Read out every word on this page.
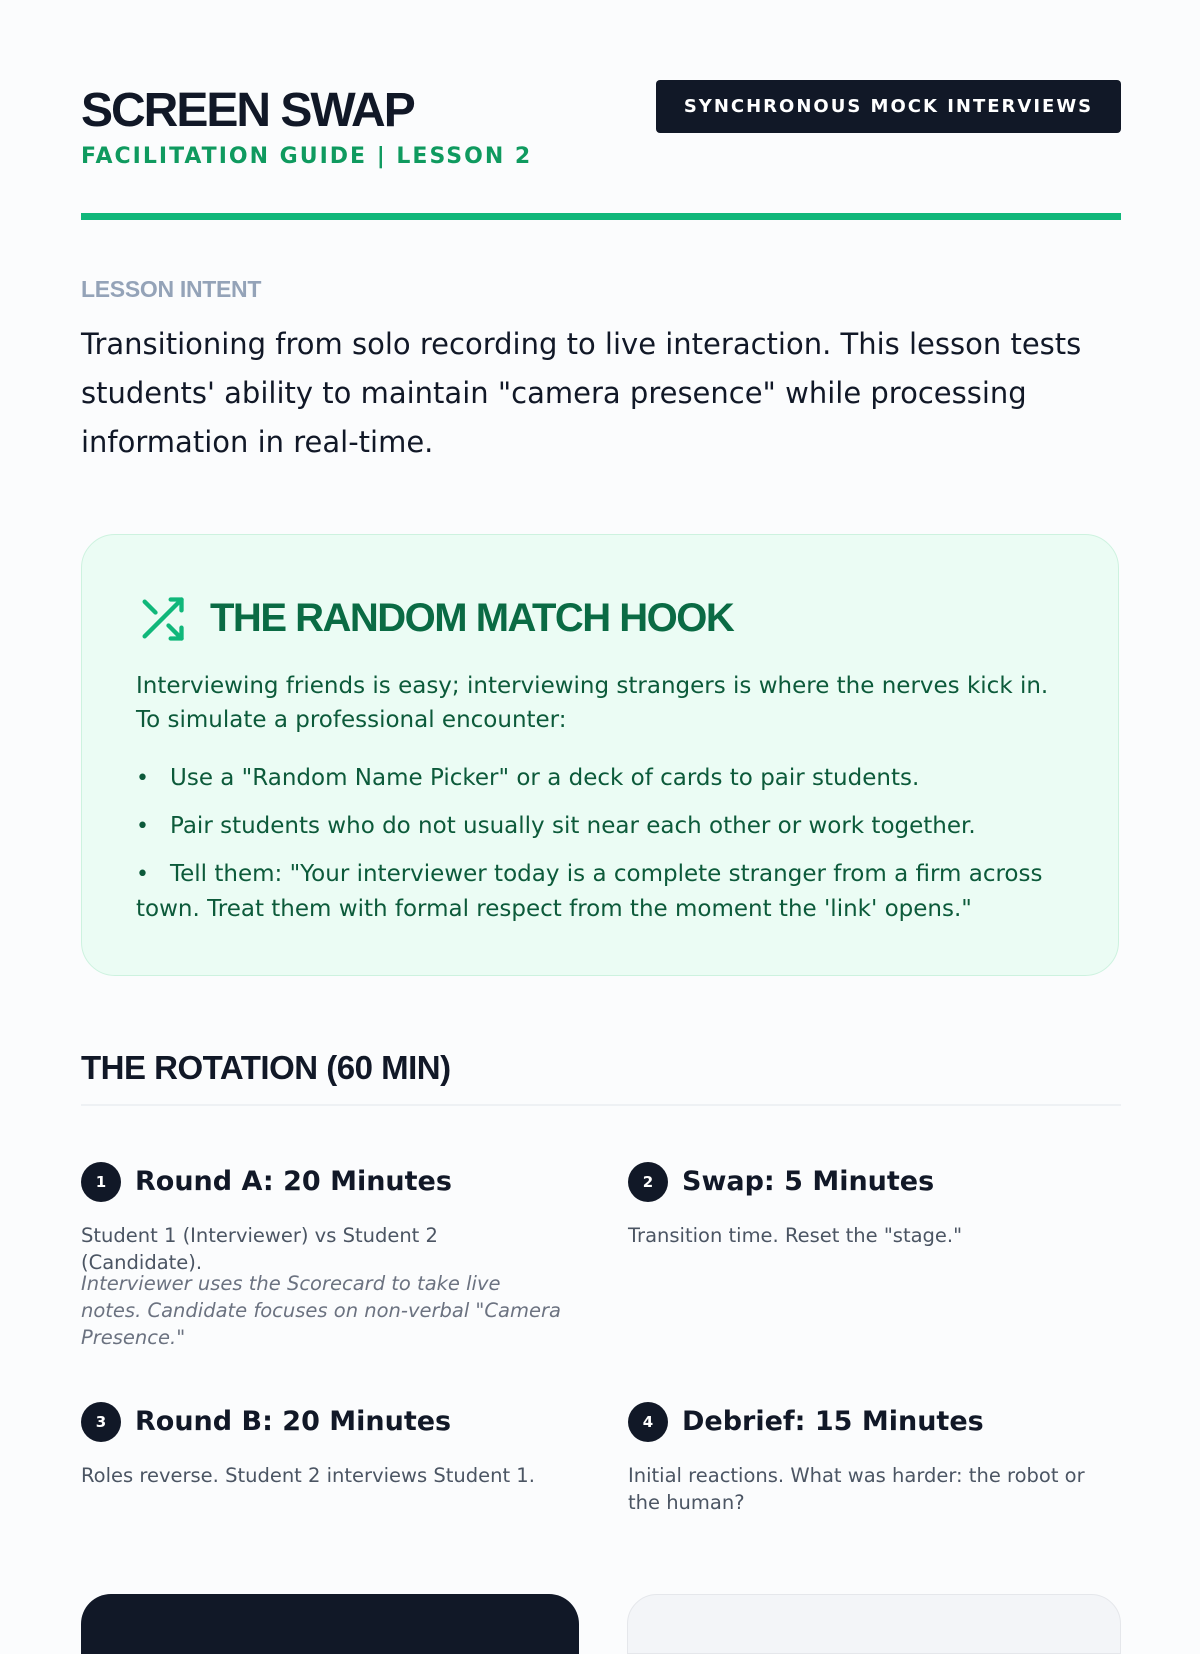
SCREEN SWAP
FACILITATION GUIDE | LESSON 2
SYNCHRONOUS MOCK INTERVIEWS
LESSON INTENT

Transitioning from solo recording to live interaction. This lesson tests students' ability to maintain "camera presence" while processing information in real-time.

THE RANDOM MATCH HOOK

Interviewing friends is easy; interviewing strangers is where the nerves kick in. To simulate a professional encounter:

• Use a "Random Name Picker" or a deck of cards to pair students.
• Pair students who do not usually sit near each other or work together.
• Tell them: "Your interviewer today is a complete stranger from a firm across town. Treat them with formal respect from the moment the 'link' opens."
THE ROTATION (60 MIN)
1	Round A: 20 Minutes

Student 1 (Interviewer) vs Student 2 (Candidate).

Interviewer uses the Scorecard to take live notes. Candidate focuses on non-verbal "Camera Presence."

2	Swap: 5 Minutes

Transition time. Reset the "stage."

3	Round B: 20 Minutes

Roles reverse. Student 2 interviews Student 1.

4	Debrief: 15 Minutes

Initial reactions. What was harder: the robot or the human?
